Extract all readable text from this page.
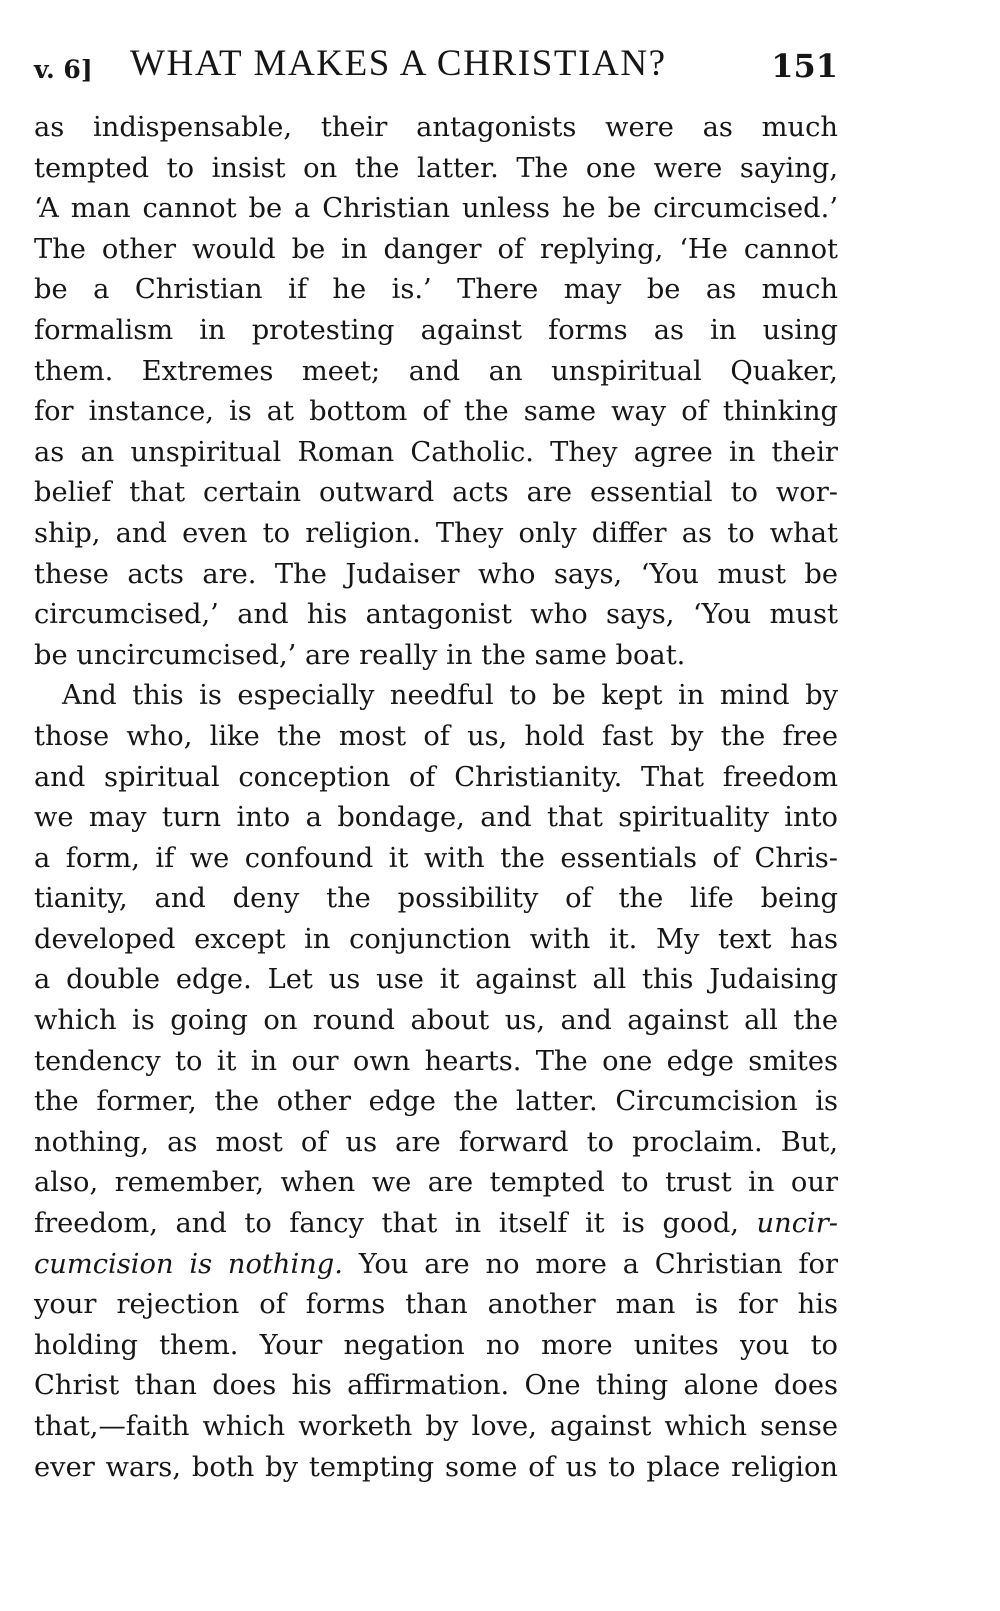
v. 6] WHAT MAKES A CHRISTIAN?	151
as indispensable, their antagonists were as much
tempted to insist on the latter. The one were saying,
‘A man cannot be a Christian unless he be circumcised.’
The other would be in danger of replying, ‘He cannot
be a Christian if he is.’ There may be as much
formalism in protesting against forms as in using
them. Extremes meet; and an unspiritual Quaker,
for instance, is at bottom of the same way of thinking
as an unspiritual Roman Catholic. They agree in their
belief that certain outward acts are essential to wor-
ship, and even to religion. They only differ as to what
these acts are. The Judaiser who says, ‘You must be
circumcised,’ and his antagonist who says, ‘You must
be uncircumcised,’ are really in the same boat.
And this is especially needful to be kept in mind by
those who, like the most of us, hold fast by the free
and spiritual conception of Christianity. That freedom
we may turn into a bondage, and that spirituality into
a form, if we confound it with the essentials of Chris-
tianity, and deny the possibility of the life being
developed except in conjunction with it. My text has
a double edge. Let us use it against all this Judaising
which is going on round about us, and against all the
tendency to it in our own hearts. The one edge smites
the former, the other edge the latter. Circumcision is
nothing, as most of us are forward to proclaim. But,
also, remember, when we are tempted to trust in our
freedom, and to fancy that in itself it is good, uncir-
cumcision is nothing. You are no more a Christian for
your rejection of forms than another man is for his
holding them. Your negation no more unites you to
Christ than does his affirmation. One thing alone does
that,—faith which worketh by love, against which sense
ever wars, both by tempting some of us to place religion
